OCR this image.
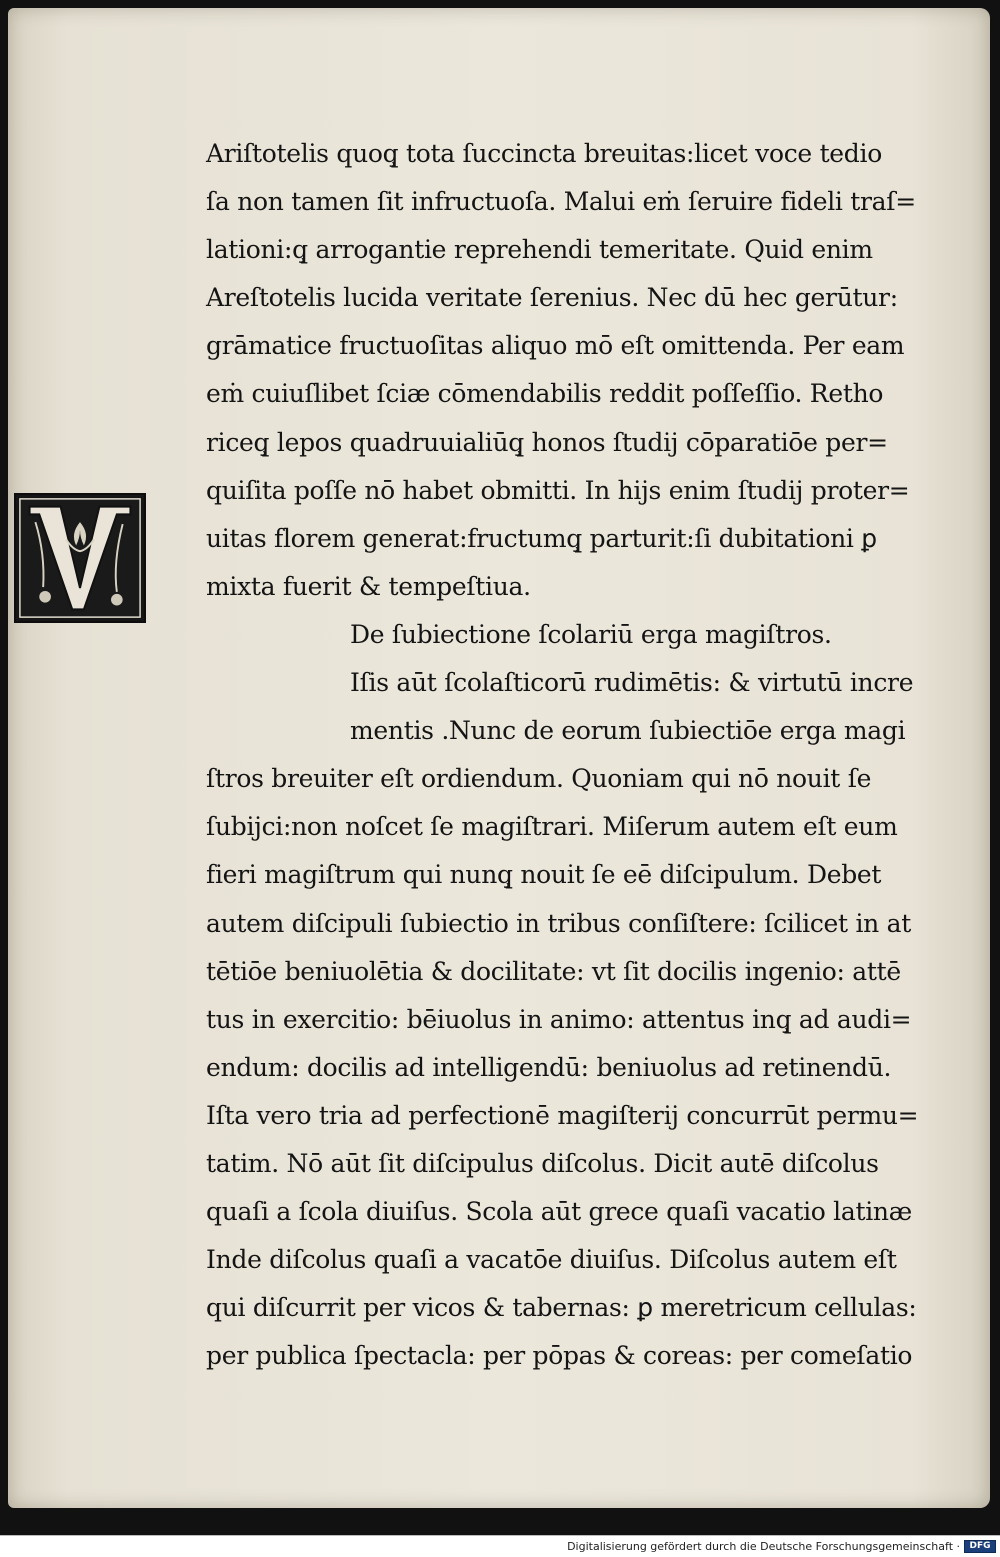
Ariſtotelis quoq̧ tota ſuccincta breuitas:licet voce tedio
ſa non tamen ſit infructuoſa. Malui eṁ ſeruire fideli traſ=
lationi:q̧ arrogantie reprehendi temeritate. Quid enim
Areſtotelis lucida veritate ſerenius. Nec dū hec gerūtur:
grāmatice fructuoſitas aliquo mō eſt omittenda. Per eam
eṁ cuiuſlibet ſciæ cōmendabilis reddit poſſeſſio. Retho
riceq̧ lepos quadruuialiūq̧ honos ſtudij cōparatiōe per=
quiſita poſſe nō habet obmitti. In hijs enim ſtudij proter=
uitas florem generat:fructumq̧ parturit:ſi dubitationi ꝑ
mixta fuerit & tempeſtiua.
De ſubiectione ſcolariū erga magiſtros.
Iſis aūt ſcolaſticorū rudimētis: & virtutū incre
mentis .Nunc de eorum ſubiectiōe erga magi
ſtros breuiter eſt ordiendum. Quoniam qui nō nouit ſe
ſubijci:non noſcet ſe magiſtrari. Miſerum autem eſt eum
fieri magiſtrum qui nunq̧ nouit ſe eē diſcipulum. Debet
autem diſcipuli ſubiectio in tribus conſiſtere: ſcilicet in at
tētiōe beniuolētia & docilitate: vt ſit docilis ingenio: attē
tus in exercitio: bēiuolus in animo: attentus inq̧ ad audi=
endum: docilis ad intelligendū: beniuolus ad retinendū.
Iſta vero tria ad perfectionē magiſterij concurrūt permu=
tatim. Nō aūt ſit diſcipulus diſcolus. Dicit autē diſcolus
quaſi a ſcola diuiſus. Scola aūt grece quaſi vacatio latinæ
Inde diſcolus quaſi a vacatōe diuiſus. Diſcolus autem eſt
qui diſcurrit per vicos & tabernas: ꝑ meretricum cellulas:
per publica ſpectacla: per pōpas & coreas: per comeſatio
Digitalisierung gefördert durch die Deutsche Forschungsgemeinschaft ·	DFG
